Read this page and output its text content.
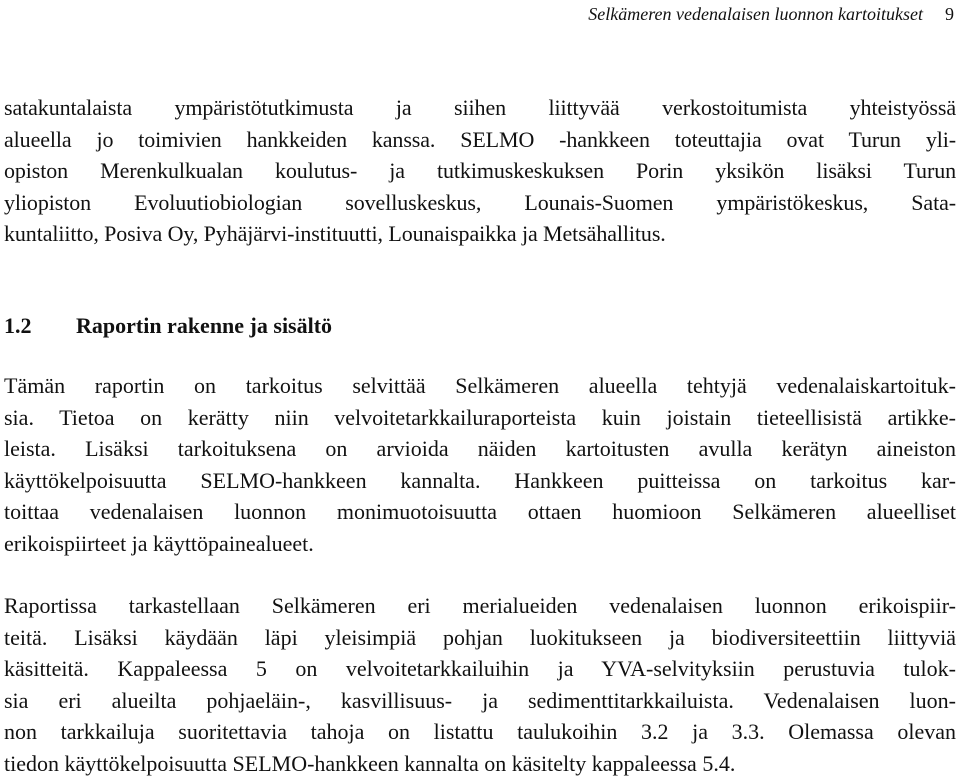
Selkämeren vedenalaisen luonnon kartoitukset 9
satakuntalaista ympäristötutkimusta ja siihen liittyvää verkostoitumista yhteistyössä
alueella jo toimivien hankkeiden kanssa. SELMO -hankkeen toteuttajia ovat Turun yli-
opiston Merenkulkualan koulutus- ja tutkimuskeskuksen Porin yksikön lisäksi Turun
yliopiston Evoluutiobiologian sovelluskeskus, Lounais-Suomen ympäristökeskus, Sata-
kuntaliitto, Posiva Oy, Pyhäjärvi-instituutti, Lounaispaikka ja Metsähallitus.
1.2 Raportin rakenne ja sisältö
Tämän raportin on tarkoitus selvittää Selkämeren alueella tehtyjä vedenalaiskartoituk-
sia. Tietoa on kerätty niin velvoitetarkkailuraporteista kuin joistain tieteellisistä artikke-
leista. Lisäksi tarkoituksena on arvioida näiden kartoitusten avulla kerätyn aineiston
käyttökelpoisuutta SELMO-hankkeen kannalta. Hankkeen puitteissa on tarkoitus kar-
toittaa vedenalaisen luonnon monimuotoisuutta ottaen huomioon Selkämeren alueelliset
erikoispiirteet ja käyttöpainealueet.
Raportissa tarkastellaan Selkämeren eri merialueiden vedenalaisen luonnon erikoispiir-
teitä. Lisäksi käydään läpi yleisimpiä pohjan luokitukseen ja biodiversiteettiin liittyviä
käsitteitä. Kappaleessa 5 on velvoitetarkkailuihin ja YVA-selvityksiin perustuvia tulok-
sia eri alueilta pohjaeläin-, kasvillisuus- ja sedimenttitarkkailuista. Vedenalaisen luon-
non tarkkailuja suoritettavia tahoja on listattu taulukoihin 3.2 ja 3.3. Olemassa olevan
tiedon käyttökelpoisuutta SELMO-hankkeen kannalta on käsitelty kappaleessa 5.4.
